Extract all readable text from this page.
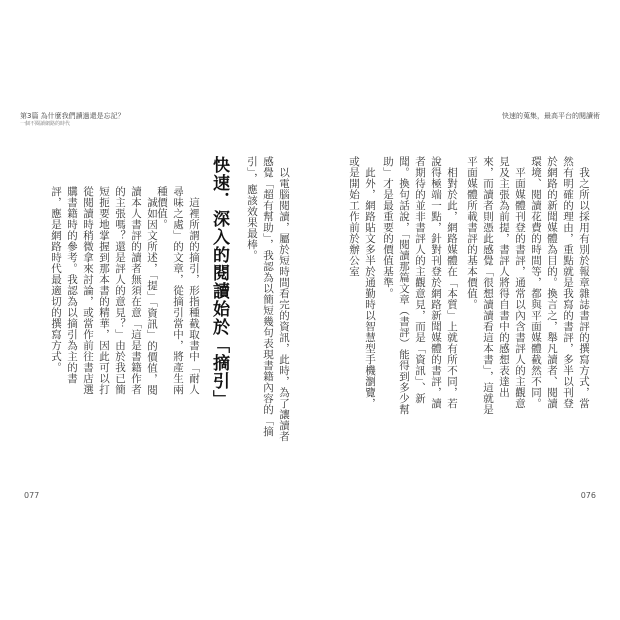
第3篇 為什麼我們讀過還是忘記？
一個不閱讀網路的時代

以電腦閱讀，屬於短時間看完的資訊，此時，為了讓讀者感覺「超有幫助」，我認為以簡短幾句表現書籍內容的「摘引」，應該效果最棒。

快速．深入的閱讀始於「摘引」

這裡所謂的摘引，形指種截取書中「耐人尋味之處」的文章，從摘引當中，將產生兩種價值。

誠如因文所述，「提」「資訊」的價值，閱讀本人書評的讀者無須在意「這是書籍作者的主張嗎？還是評人的意見？」由於我已簡短扼要地掌握到那本書的精華，因此可以打從閱讀時稍微拿來討論，或當作前往書店選購書籍時的參考。我認為以摘引為主的書評，應是網路時代最適切的撰寫方式。

077
快速的蒐集，最高平台的閱讀術

我之所以採用有別於報章雜誌書評的撰寫方式，當然有明確的理由，重點就是我寫的書評，多半以刊登於網路的新聞媒體為目的。換言之，舉凡讀者、閱讀環境、閱讀花費的時間等，都與平面媒體截然不同。

平面媒體刊登的書評，通常以內含書評人的主觀意見及主張為前提，書評人將得自書中的感想表達出來，而讀者則憑此感覺「很想讀讀看這本書」，這就是平面媒體所載書評的基本價值。

相對於此，網路媒體在「本質」上就有所不同，若說得極端一點，針對刊登於網路新聞媒體的書評，讀者期待的並非書評人的主觀意見，而是「資訊」、新聞。換句話說，「閱讀那篇文章（書評）能得到多少幫助」才是最重要的價值基準。

此外，網路貼文多半於通勤時以智慧型手機瀏覽，或是開始工作前於辦公室

076
